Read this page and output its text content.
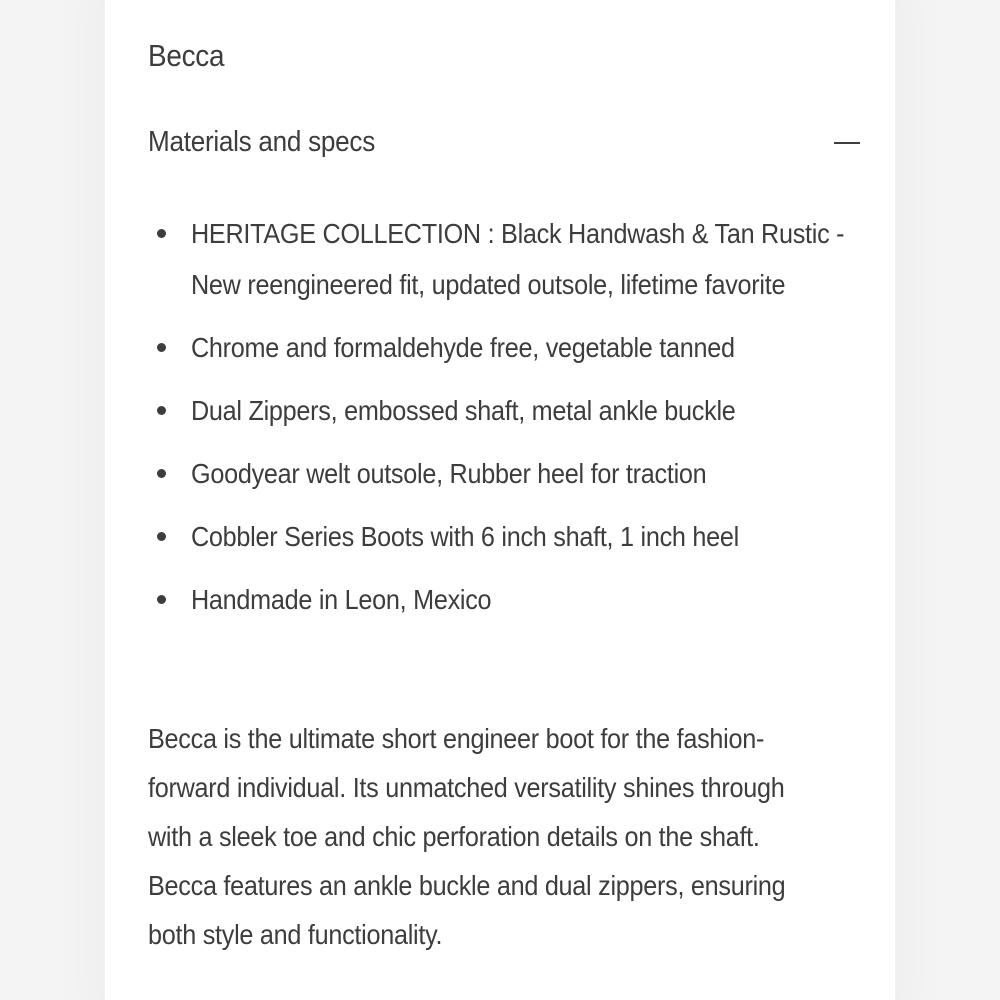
Becca
Materials and specs
HERITAGE COLLECTION : Black Handwash & Tan Rustic -
New reengineered fit, updated outsole, lifetime favorite
Chrome and formaldehyde free, vegetable tanned
Dual Zippers, embossed shaft, metal ankle buckle
Goodyear welt outsole, Rubber heel for traction
Cobbler Series Boots with 6 inch shaft, 1 inch heel
Handmade in Leon, Mexico

Becca is the ultimate short engineer boot for the fashion-
forward individual. Its unmatched versatility shines through
with a sleek toe and chic perforation details on the shaft.
Becca features an ankle buckle and dual zippers, ensuring
both style and functionality.
